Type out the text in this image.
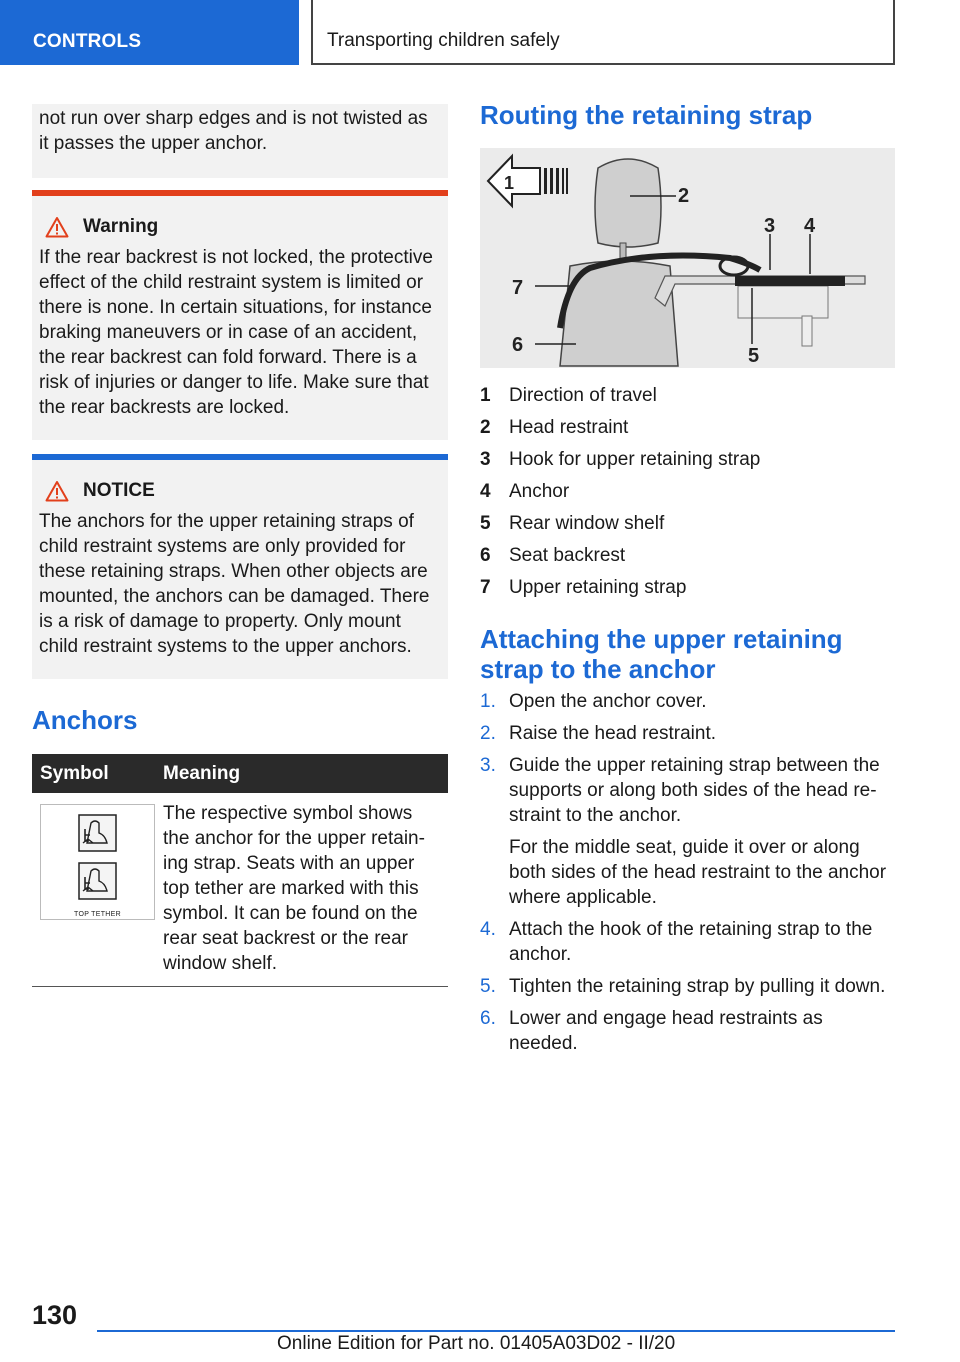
CONTROLS	Transporting children safely
not run over sharp edges and is not twisted as it passes the upper anchor.
Warning
If the rear backrest is not locked, the protective effect of the child restraint system is limited or there is none. In certain situations, for instance braking maneuvers or in case of an accident, the rear backrest can fold forward. There is a risk of injuries or danger to life. Make sure that the rear backrests are locked.
NOTICE
The anchors for the upper retaining straps of child restraint systems are only provided for these retaining straps. When other objects are mounted, the anchors can be damaged. There is a risk of damage to property. Only mount child restraint systems to the upper anchors.
Anchors
Symbol	Meaning

TOP TETHER	The respective symbol shows the anchor for the upper retain-ing strap. Seats with an upper top tether are marked with this symbol. It can be found on the rear seat backrest or the rear window shelf.
Routing the retaining strap
1
2
3 4
5
6
7
1 Direction of travel
2 Head restraint
3 Hook for upper retaining strap
4 Anchor
5 Rear window shelf
6 Seat backrest
7 Upper retaining strap
Attaching the upper retaining strap to the anchor
1. Open the anchor cover.
2. Raise the head restraint.
3. Guide the upper retaining strap between the supports or along both sides of the head re-straint to the anchor.
For the middle seat, guide it over or along both sides of the head restraint to the anchor where applicable.
4. Attach the hook of the retaining strap to the anchor.
5. Tighten the retaining strap by pulling it down.
6. Lower and engage head restraints as needed.
130
Online Edition for Part no. 01405A03D02 - II/20
